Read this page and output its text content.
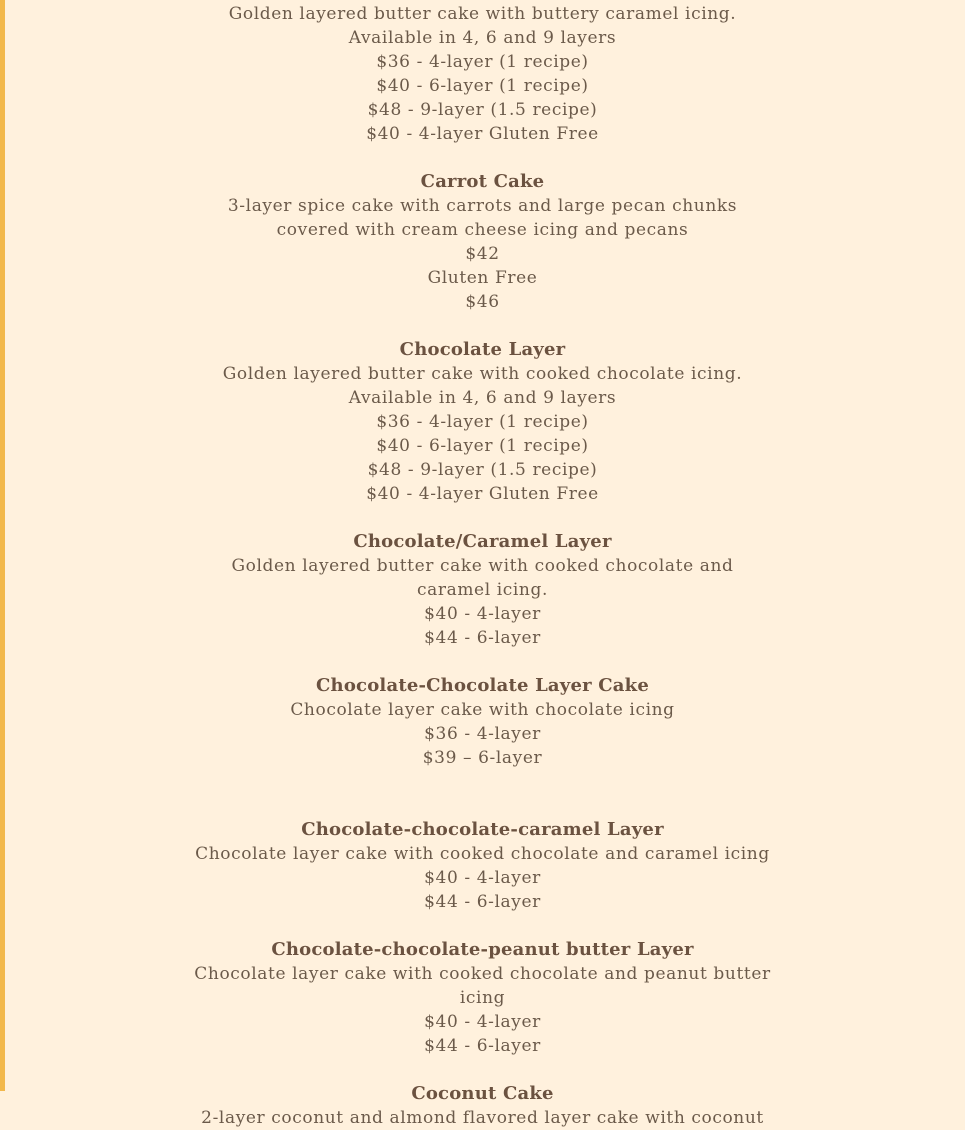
Golden layered butter cake with buttery caramel icing. Available in 4, 6 and 9 layers
$36 - 4-layer (1 recipe)
$40 - 6-layer (1 recipe)
$48 - 9-layer (1.5 recipe)
$40 - 4-layer Gluten Free
Carrot Cake
3-layer spice cake with carrots and large pecan chunks covered with cream cheese icing and pecans
$42
Gluten Free
$46
Chocolate Layer
Golden layered butter cake with cooked chocolate icing. Available in 4, 6 and 9 layers
$36 - 4-layer (1 recipe)
$40 - 6-layer (1 recipe)
$48 - 9-layer (1.5 recipe)
$40 - 4-layer Gluten Free
Chocolate/Caramel Layer
Golden layered butter cake with cooked chocolate and caramel icing.
$40 - 4-layer
$44 - 6-layer
Chocolate-Chocolate Layer Cake
Chocolate layer cake with chocolate icing
$36 - 4-layer
$39 – 6-layer
Chocolate-chocolate-caramel Layer
Chocolate layer cake with cooked chocolate and caramel icing
$40 - 4-layer
$44 - 6-layer
Chocolate-chocolate-peanut butter Layer
Chocolate layer cake with cooked chocolate and peanut butter icing
$40 - 4-layer
$44 - 6-layer
Coconut Cake
2-layer coconut and almond flavored layer cake with coconut
